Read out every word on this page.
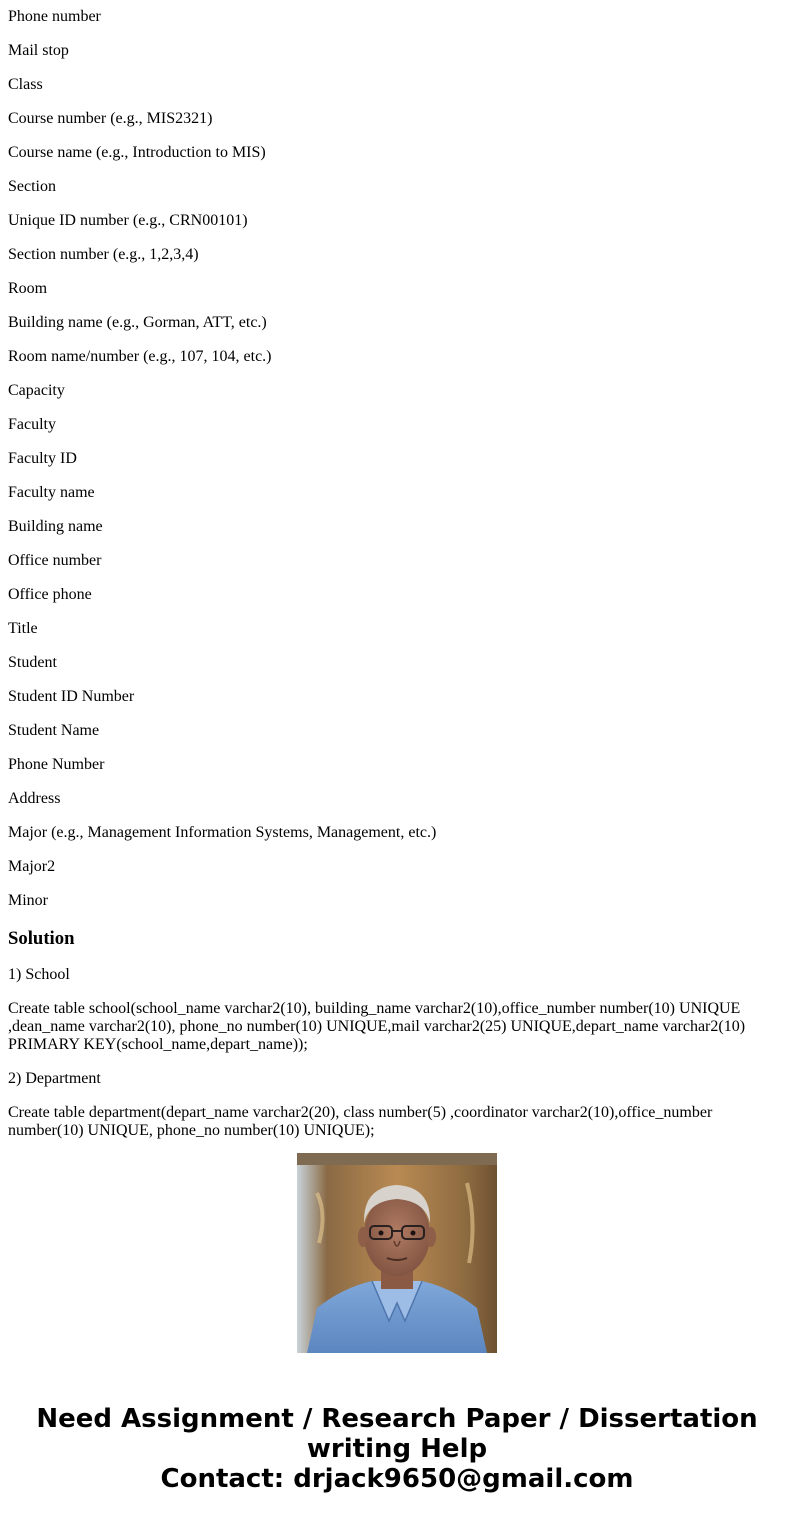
Phone number

Mail stop

Class

Course number (e.g., MIS2321)

Course name (e.g., Introduction to MIS)

Section

Unique ID number (e.g., CRN00101)

Section number (e.g., 1,2,3,4)

Room

Building name (e.g., Gorman, ATT, etc.)

Room name/number (e.g., 107, 104, etc.)

Capacity

Faculty

Faculty ID

Faculty name

Building name

Office number

Office phone

Title

Student

Student ID Number

Student Name

Phone Number

Address

Major (e.g., Management Information Systems, Management, etc.)

Major2

Minor

Solution

1) School

Create table school(school_name varchar2(10), building_name varchar2(10),office_number number(10) UNIQUE ,dean_name varchar2(10), phone_no number(10) UNIQUE,mail varchar2(25) UNIQUE,depart_name varchar2(10) PRIMARY KEY(school_name,depart_name));

2) Department

Create table department(depart_name varchar2(20), class number(5) ,coordinator varchar2(10),office_number number(10) UNIQUE, phone_no number(10) UNIQUE);

Need Assignment / Research Paper / Dissertation
writing Help
Contact: drjack9650@gmail.com
